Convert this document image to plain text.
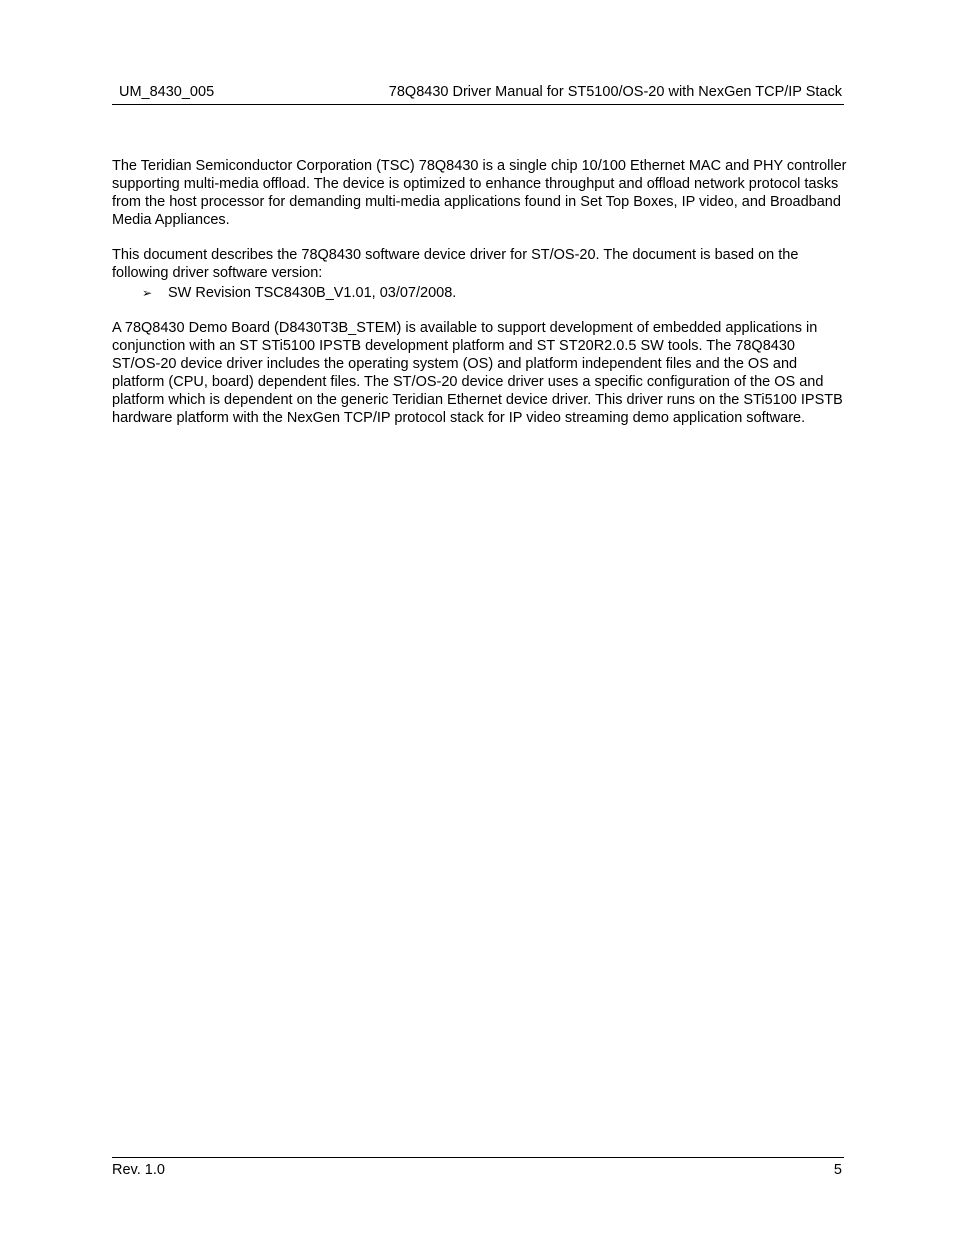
UM_8430_005	78Q8430 Driver Manual for ST5100/OS-20 with NexGen TCP/IP Stack

The Teridian Semiconductor Corporation (TSC) 78Q8430 is a single chip 10/100 Ethernet MAC and PHY controller supporting multi-media offload. The device is optimized to enhance throughput and offload network protocol tasks from the host processor for demanding multi-media applications found in Set Top Boxes, IP video, and Broadband Media Appliances.

This document describes the 78Q8430 software device driver for ST/OS-20. The document is based on the following driver software version:

➢ SW Revision TSC8430B_V1.01, 03/07/2008.

A 78Q8430 Demo Board (D8430T3B_STEM) is available to support development of embedded applications in conjunction with an ST STi5100 IPSTB development platform and ST ST20R2.0.5 SW tools. The 78Q8430 ST/OS-20 device driver includes the operating system (OS) and platform independent files and the OS and platform (CPU, board) dependent files. The ST/OS-20 device driver uses a specific configuration of the OS and platform which is dependent on the generic Teridian Ethernet device driver. This driver runs on the STi5100 IPSTB hardware platform with the NexGen TCP/IP protocol stack for IP video streaming demo application software.

Rev. 1.0	5
